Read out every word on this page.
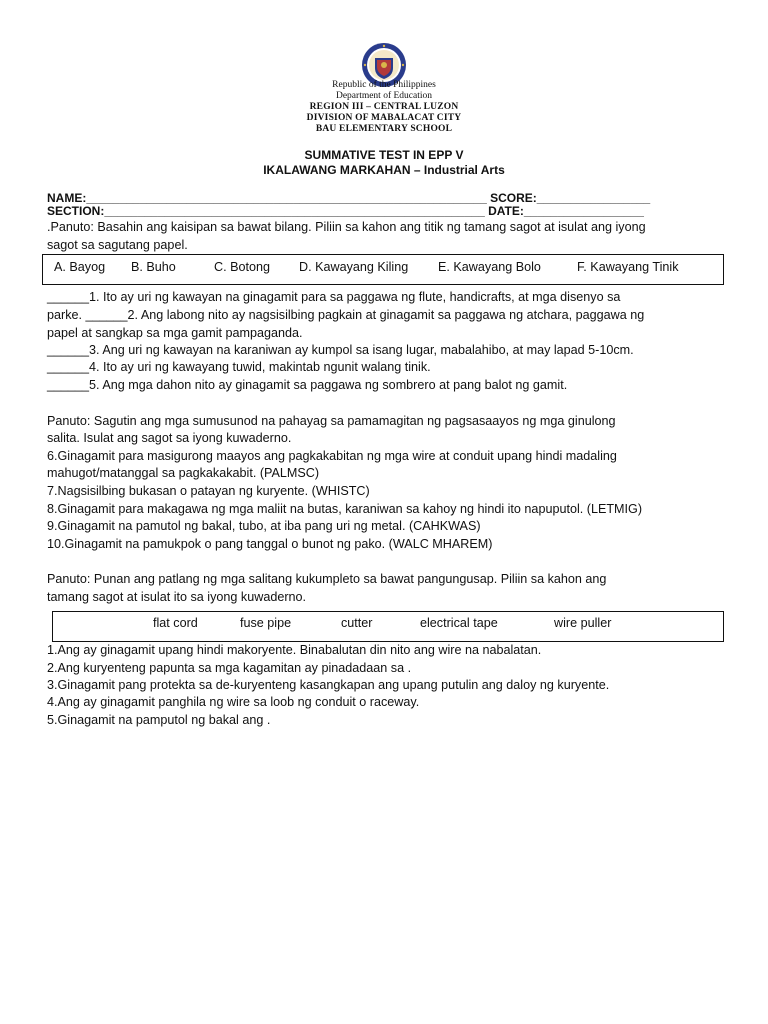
Republic of the Philippines
Department of Education
REGION III – CENTRAL LUZON
DIVISION OF MABALACAT CITY
BAU ELEMENTARY SCHOOL
SUMMATIVE TEST IN EPP V
IKALAWANG MARKAHAN – Industrial Arts
NAME:____________________________________________________________ SCORE:_________________
SECTION:_________________________________________________________ DATE:__________________
.Panuto: Basahin ang kaisipan sa bawat bilang. Piliin sa kahon ang titik ng tamang sagot at isulat ang iyong
sagot sa sagutang papel.
A. Bayog B. Buho	C. Botong D. Kawayang Kiling E. Kawayang Bolo	F. Kawayang Tinik
______1. Ito ay uri ng kawayan na ginagamit para sa paggawa ng flute, handicrafts, at mga disenyo sa
parke. ______2. Ang labong nito ay nagsisilbing pagkain at ginagamit sa paggawa ng atchara, paggawa ng
papel at sangkap sa mga gamit pampaganda.
______3. Ang uri ng kawayan na karaniwan ay kumpol sa isang lugar, mabalahibo, at may lapad 5-10cm.
______4. Ito ay uri ng kawayang tuwid, makintab ngunit walang tinik.
______5. Ang mga dahon nito ay ginagamit sa paggawa ng sombrero at pang balot ng gamit.
Panuto: Sagutin ang mga sumusunod na pahayag sa pamamagitan ng pagsasaayos ng mga ginulong
salita. Isulat ang sagot sa iyong kuwaderno.
6.Ginagamit para masigurong maayos ang pagkakabitan ng mga wire at conduit upang hindi madaling
mahugot/matanggal sa pagkakakabit. (PALMSC)
7.Nagsisilbing bukasan o patayan ng kuryente. (WHISTC)
8.Ginagamit para makagawa ng mga maliit na butas, karaniwan sa kahoy ng hindi ito napuputol. (LETMIG)
9.Ginagamit na pamutol ng bakal, tubo, at iba pang uri ng metal. (CAHKWAS)
10.Ginagamit na pamukpok o pang tanggal o bunot ng pako. (WALC MHAREM)
Panuto: Punan ang patlang ng mga salitang kukumpleto sa bawat pangungusap. Piliin sa kahon ang
tamang sagot at isulat ito sa iyong kuwaderno.
flat cord	fuse pipe	cutter	electrical tape	wire puller
1.Ang ay ginagamit upang hindi makoryente. Binabalutan din nito ang wire na nabalatan.
2.Ang kuryenteng papunta sa mga kagamitan ay pinadadaan sa .
3.Ginagamit pang protekta sa de-kuryenteng kasangkapan ang upang putulin ang daloy ng kuryente.
4.Ang ay ginagamit panghila ng wire sa loob ng conduit o raceway.
5.Ginagamit na pamputol ng bakal ang .
